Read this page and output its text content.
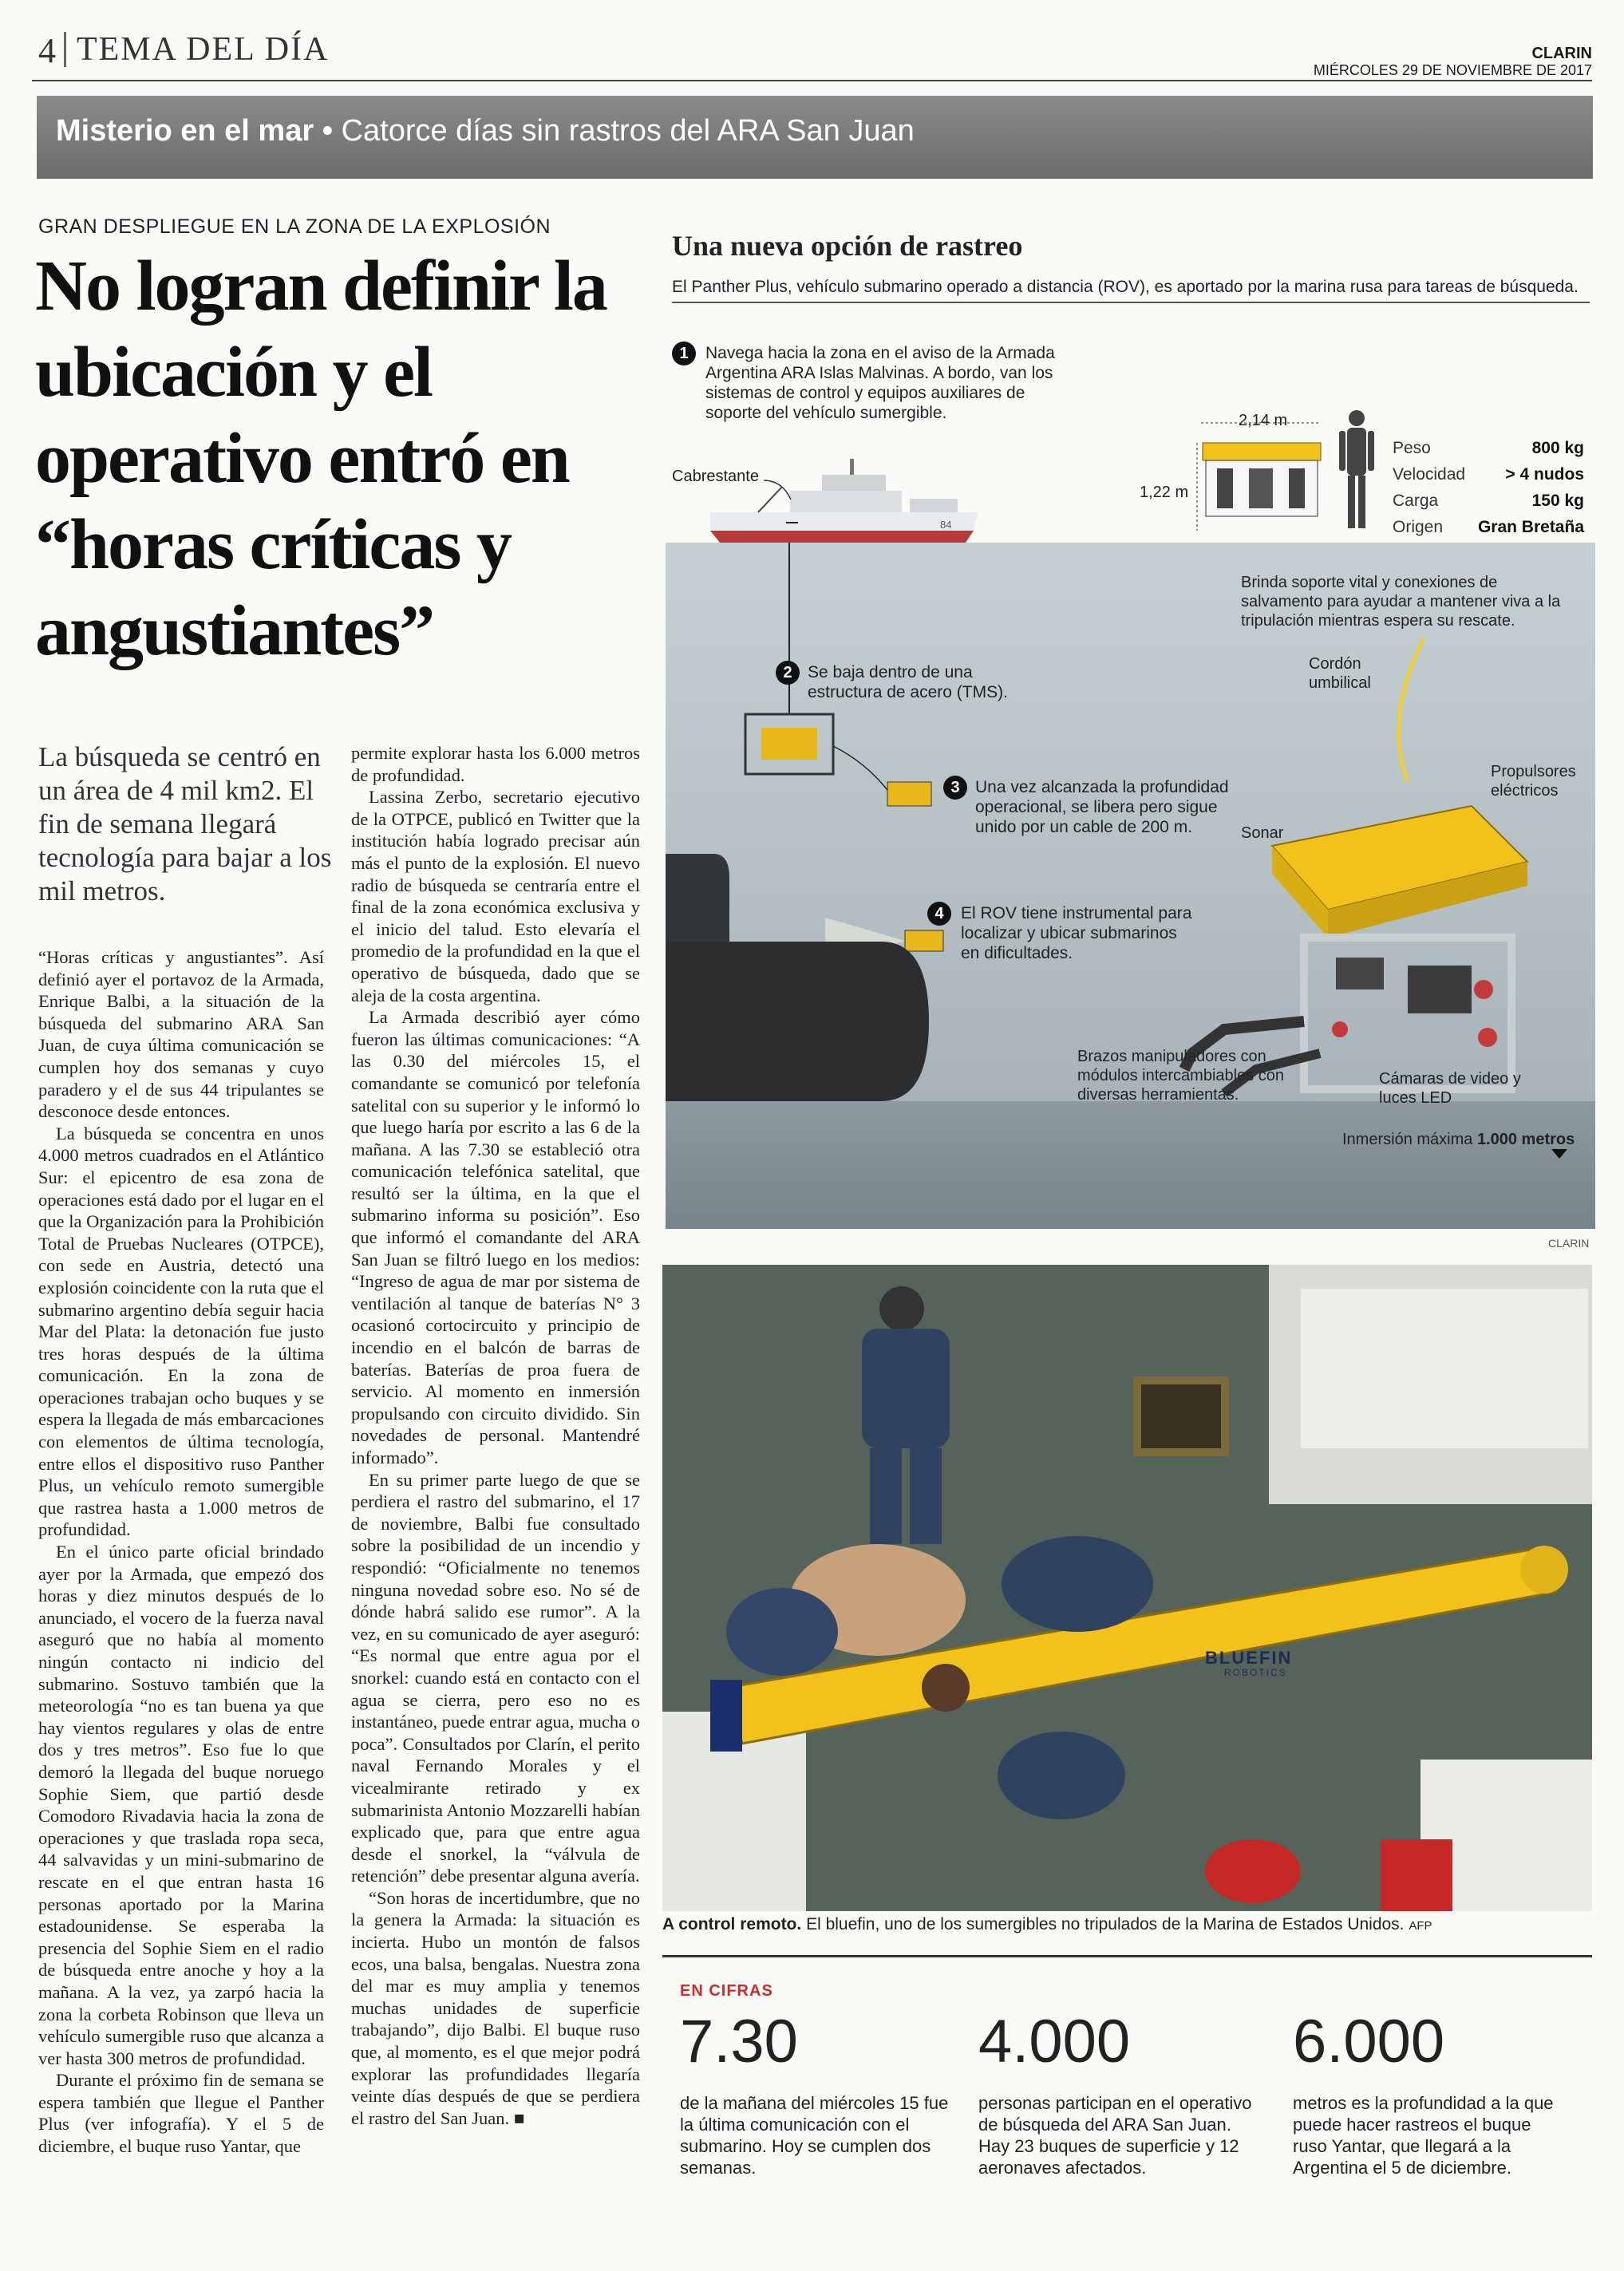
4 TEMA DEL DÍA	CLARIN
MIÉRCOLES 29 DE NOVIEMBRE DE 2017
Misterio en el mar • Catorce días sin rastros del ARA San Juan
GRAN DESPLIEGUE EN LA ZONA DE LA EXPLOSIÓN
No logran definir la ubicación y el operativo entró en “horas críticas y angustiantes”
La búsqueda se centró en un área de 4 mil km2. El fin de semana llegará tecnología para bajar a los mil metros.

“Horas críticas y angustiantes”. Así definió ayer el portavoz de la Armada, Enrique Balbi, a la situación de la búsqueda del submarino ARA San Juan, de cuya última comunicación se cumplen hoy dos semanas y cuyo paradero y el de sus 44 tripulantes se desconoce desde entonces.

La búsqueda se concentra en unos 4.000 metros cuadrados en el Atlántico Sur: el epicentro de esa zona de operaciones está dado por el lugar en el que la Organización para la Prohibición Total de Pruebas Nucleares (OTPCE), con sede en Austria, detectó una explosión coincidente con la ruta que el submarino argentino debía seguir hacia Mar del Plata: la detonación fue justo tres horas después de la última comunicación. En la zona de operaciones trabajan ocho buques y se espera la llegada de más embarcaciones con elementos de última tecnología, entre ellos el dispositivo ruso Panther Plus, un vehículo remoto sumergible que rastrea hasta a 1.000 metros de profundidad.

En el único parte oficial brindado ayer por la Armada, que empezó dos horas y diez minutos después de lo anunciado, el vocero de la fuerza naval aseguró que no había al momento ningún contacto ni indicio del submarino. Sostuvo también que la meteorología “no es tan buena ya que hay vientos regulares y olas de entre dos y tres metros”. Eso fue lo que demoró la llegada del buque noruego Sophie Siem, que partió desde Comodoro Rivadavia hacia la zona de operaciones y que traslada ropa seca, 44 salvavidas y un mini-submarino de rescate en el que entran hasta 16 personas aportado por la Marina estadounidense. Se esperaba la presencia del Sophie Siem en el radio de búsqueda entre anoche y hoy a la mañana. A la vez, ya zarpó hacia la zona la corbeta Robinson que lleva un vehículo sumergible ruso que alcanza a ver hasta 300 metros de profundidad.

Durante el próximo fin de semana se espera también que llegue el Panther Plus (ver infografía). Y el 5 de diciembre, el buque ruso Yantar, que

permite explorar hasta los 6.000 metros de profundidad.

Lassina Zerbo, secretario ejecutivo de la OTPCE, publicó en Twitter que la institución había logrado precisar aún más el punto de la explosión. El nuevo radio de búsqueda se centraría entre el final de la zona económica exclusiva y el inicio del talud. Esto elevaría el promedio de la profundidad en la que el operativo de búsqueda, dado que se aleja de la costa argentina.

La Armada describió ayer cómo fueron las últimas comunicaciones: “A las 0.30 del miércoles 15, el comandante se comunicó por telefonía satelital con su superior y le informó lo que luego haría por escrito a las 6 de la mañana. A las 7.30 se estableció otra comunicación telefónica satelital, que resultó ser la última, en la que el submarino informa su posición”. Eso que informó el comandante del ARA San Juan se filtró luego en los medios: “Ingreso de agua de mar por sistema de ventilación al tanque de baterías N° 3 ocasionó cortocircuito y principio de incendio en el balcón de barras de baterías. Baterías de proa fuera de servicio. Al momento en inmersión propulsando con circuito dividido. Sin novedades de personal. Mantendré informado”.

En su primer parte luego de que se perdiera el rastro del submarino, el 17 de noviembre, Balbi fue consultado sobre la posibilidad de un incendio y respondió: “Oficialmente no tenemos ninguna novedad sobre eso. No sé de dónde habrá salido ese rumor”. A la vez, en su comunicado de ayer aseguró: “Es normal que entre agua por el snorkel: cuando está en contacto con el agua se cierra, pero eso no es instantáneo, puede entrar agua, mucha o poca”. Consultados por Clarín, el perito naval Fernando Morales y el vicealmirante retirado y ex submarinista Antonio Mozzarelli habían explicado que, para que entre agua desde el snorkel, la “válvula de retención” debe presentar alguna avería.

“Son horas de incertidumbre, que no la genera la Armada: la situación es incierta. Hubo un montón de falsos ecos, una balsa, bengalas. Nuestra zona del mar es muy amplia y tenemos muchas unidades de superficie trabajando”, dijo Balbi. El buque ruso que, al momento, es el que mejor podrá explorar las profundidades llegaría veinte días después de que se perdiera el rastro del San Juan. ■

Una nueva opción de rastreo
El Panther Plus, vehículo submarino operado a distancia (ROV), es aportado por la marina rusa para tareas de búsqueda.
1	Navega hacia la zona en el aviso de la Armada Argentina ARA Islas Malvinas. A bordo, van los sistemas de control y equipos auxiliares de soporte del vehículo sumergible.
Cabrestante
84
2,14 m
1,22 m
Peso	800 kg
Velocidad > 4 nudos
Carga	150 kg
Origen Gran Bretaña
Brinda soporte vital y conexiones de salvamento para ayudar a mantener viva a la tripulación mientras espera su rescate.
2 Se baja dentro de una estructura de acero (TMS).
Cordón umbilical
Propulsores eléctricos
3 Una vez alcanzada la profundidad operacional, se libera pero sigue unido por un cable de 200 m.	Sonar
4	El ROV tiene instrumental para localizar y ubicar submarinos en dificultades.
Brazos manipuladores con módulos intercambiables con diversas herramientas.
Cámaras de video y luces LED
Inmersión máxima 1.000 metros
CLARIN
BLUEFIN
ROBOTICS
A control remoto. El bluefin, uno de los sumergibles no tripulados de la Marina de Estados Unidos. AFP
EN CIFRAS
7.30
de la mañana del miércoles 15 fue la última comunicación con el submarino. Hoy se cumplen dos semanas.
4.000
personas participan en el operativo de búsqueda del ARA San Juan. Hay 23 buques de superficie y 12 aeronaves afectados.
6.000
metros es la profundidad a la que puede hacer rastreos el buque ruso Yantar, que llegará a la Argentina el 5 de diciembre.
